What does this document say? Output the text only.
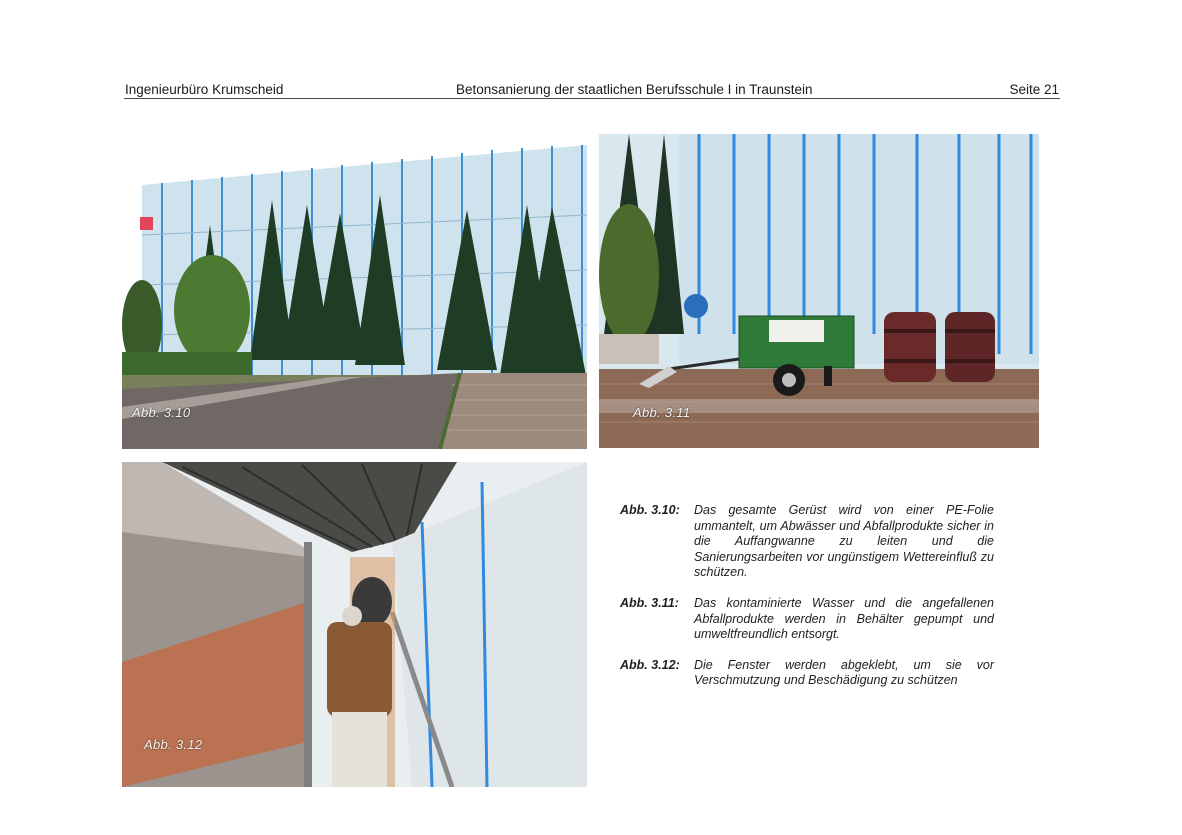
Ingenieurbüro Krumscheid	Betonsanierung der staatlichen Berufsschule I in Traunstein	Seite 21
Abb. 3.10	Abb. 3.11
Abb. 3.12
Abb. 3.10:	Das gesamte Gerüst wird von einer PE-Folie ummantelt, um Abwässer und Abfallprodukte sicher in die Auffangwanne zu leiten und die Sanierungsarbeiten vor ungünstigem Wettereinfluß zu schützen.
Abb. 3.11:	Das kontaminierte Wasser und die angefallenen Abfallprodukte werden in Behälter gepumpt und umweltfreundlich entsorgt.
Abb. 3.12:	Die Fenster werden abgeklebt, um sie vor Verschmutzung und Beschädigung zu schützen
